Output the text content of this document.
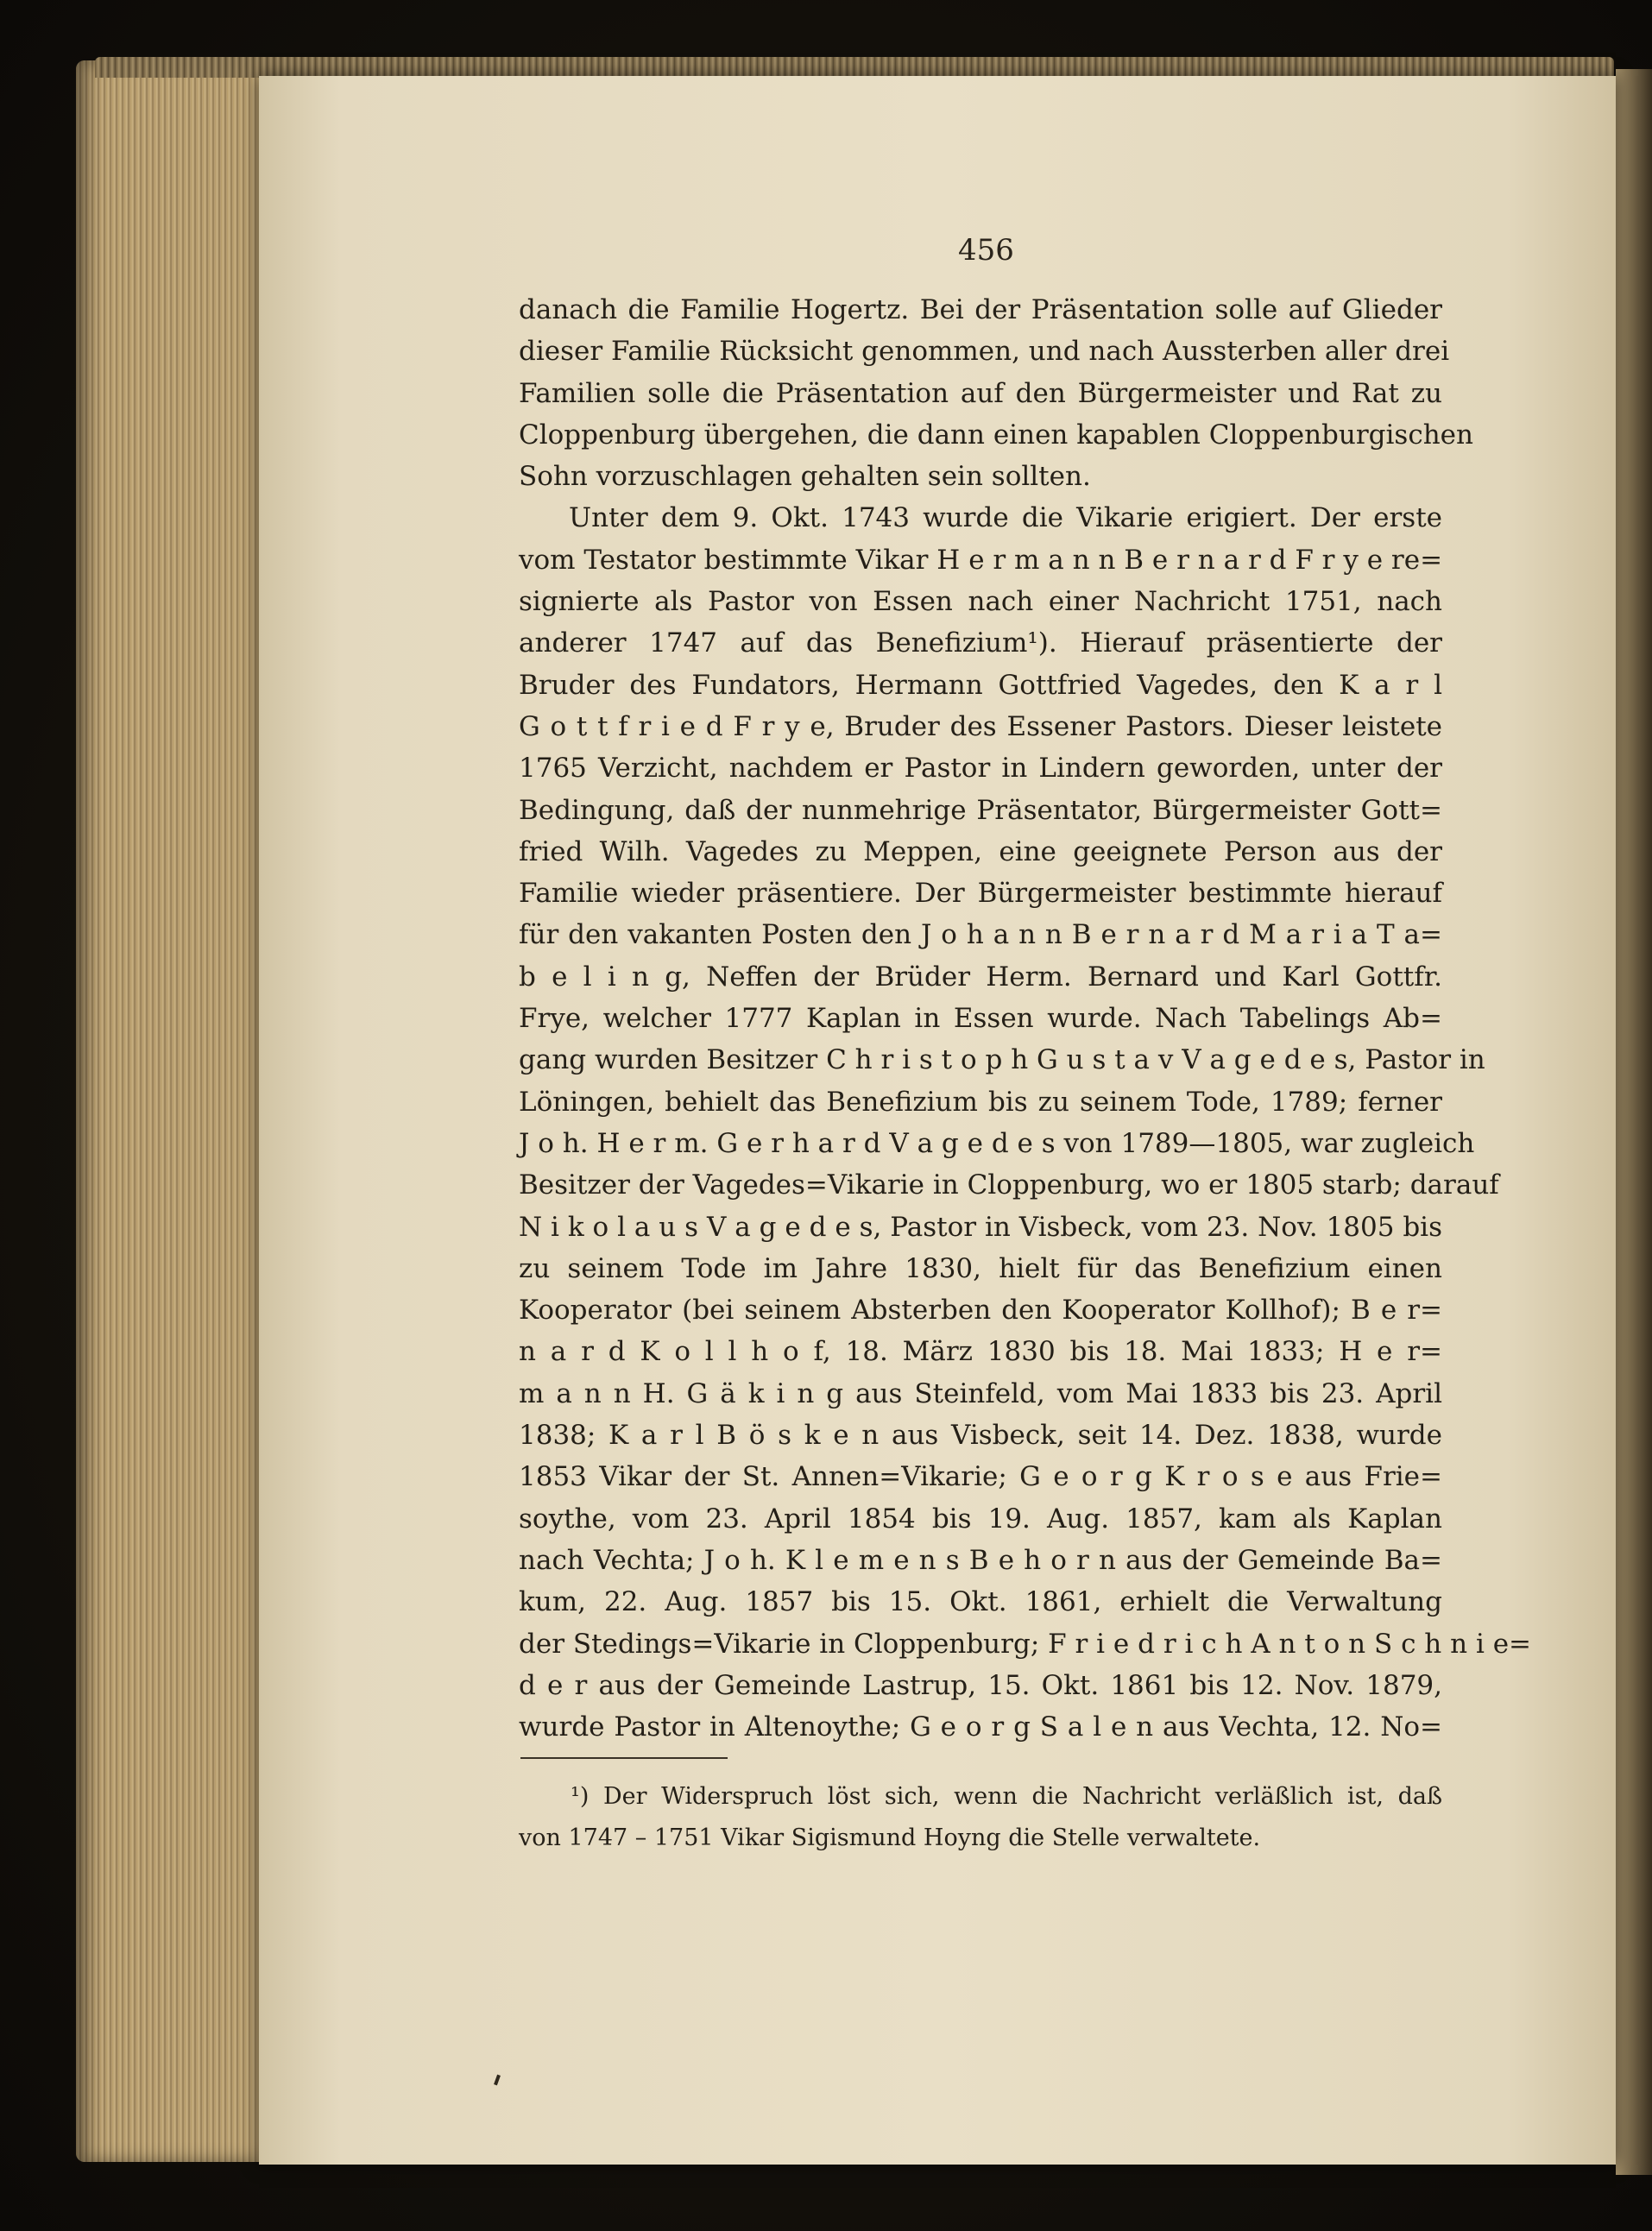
456
danach die Familie Hogertz. Bei der Präsentation solle auf Glieder
dieser Familie Rücksicht genommen, und nach Aussterben aller drei
Familien solle die Präsentation auf den Bürgermeister und Rat zu
Cloppenburg übergehen, die dann einen kapablen Cloppenburgischen
Sohn vorzuschlagen gehalten sein sollten.
Unter dem 9. Okt. 1743 wurde die Vikarie erigiert. Der erste
vom Testator bestimmte Vikar H e r m a n n B e r n a r d F r y e re=
signierte als Pastor von Essen nach einer Nachricht 1751, nach
anderer 1747 auf das Benefizium¹). Hierauf präsentierte der
Bruder des Fundators, Hermann Gottfried Vagedes, den K a r l
G o t t f r i e d F r y e, Bruder des Essener Pastors. Dieser leistete
1765 Verzicht, nachdem er Pastor in Lindern geworden, unter der
Bedingung, daß der nunmehrige Präsentator, Bürgermeister Gott=
fried Wilh. Vagedes zu Meppen, eine geeignete Person aus der
Familie wieder präsentiere. Der Bürgermeister bestimmte hierauf
für den vakanten Posten den J o h a n n B e r n a r d M a r i a T a=
b e l i n g, Neffen der Brüder Herm. Bernard und Karl Gottfr.
Frye, welcher 1777 Kaplan in Essen wurde. Nach Tabelings Ab=
gang wurden Besitzer C h r i s t o p h G u s t a v V a g e d e s, Pastor in
Löningen, behielt das Benefizium bis zu seinem Tode, 1789; ferner
J o h. H e r m. G e r h a r d V a g e d e s von 1789—1805, war zugleich
Besitzer der Vagedes=Vikarie in Cloppenburg, wo er 1805 starb; darauf
N i k o l a u s V a g e d e s, Pastor in Visbeck, vom 23. Nov. 1805 bis
zu seinem Tode im Jahre 1830, hielt für das Benefizium einen
Kooperator (bei seinem Absterben den Kooperator Kollhof); B e r=
n a r d K o l l h o f, 18. März 1830 bis 18. Mai 1833; H e r=
m a n n H. G ä k i n g aus Steinfeld, vom Mai 1833 bis 23. April
1838; K a r l B ö s k e n aus Visbeck, seit 14. Dez. 1838, wurde
1853 Vikar der St. Annen=Vikarie; G e o r g K r o s e aus Frie=
soythe, vom 23. April 1854 bis 19. Aug. 1857, kam als Kaplan
nach Vechta; J o h. K l e m e n s B e h o r n aus der Gemeinde Ba=
kum, 22. Aug. 1857 bis 15. Okt. 1861, erhielt die Verwaltung
der Stedings=Vikarie in Cloppenburg; F r i e d r i c h A n t o n S c h n i e=
d e r aus der Gemeinde Lastrup, 15. Okt. 1861 bis 12. Nov. 1879,
wurde Pastor in Altenoythe; G e o r g S a l e n aus Vechta, 12. No=
¹) Der Widerspruch löst sich, wenn die Nachricht verläßlich ist, daß
von 1747 – 1751 Vikar Sigismund Hoyng die Stelle verwaltete.
